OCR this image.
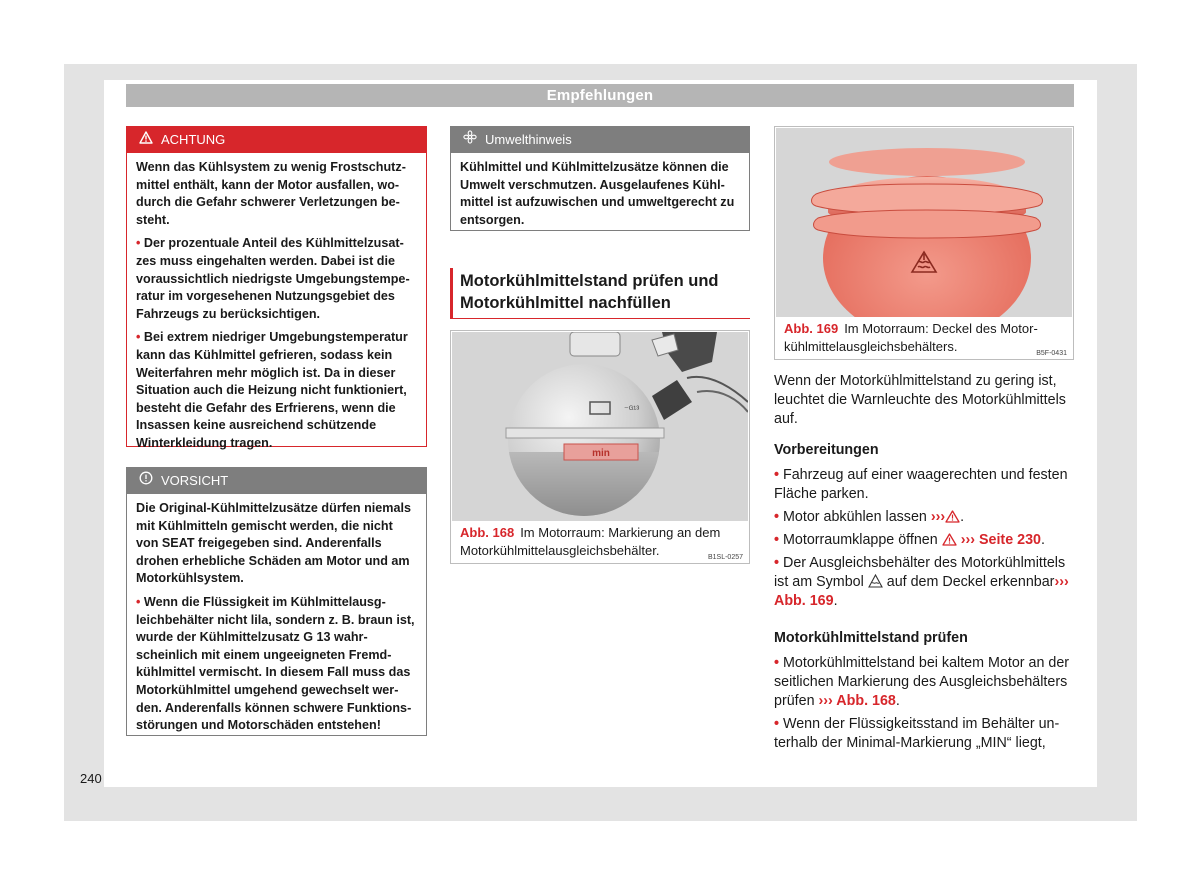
Empfehlungen
ACHTUNG

Wenn das Kühlsystem zu wenig Frostschutzmittel enthält, kann der Motor ausfallen, wodurch die Gefahr schwerer Verletzungen besteht.

• Der prozentuale Anteil des Kühlmittelzusatzes muss eingehalten werden. Dabei ist die voraussichtlich niedrigste Umgebungstemperatur im vorgesehenen Nutzungsgebiet des Fahrzeugs zu berücksichtigen.

• Bei extrem niedriger Umgebungstemperatur kann das Kühlmittel gefrieren, sodass kein Weiterfahren mehr möglich ist. Da in dieser Situation auch die Heizung nicht funktioniert, besteht die Gefahr des Erfrierens, wenn die Insassen keine ausreichend schützende Winterkleidung tragen.

VORSICHT

Die Original-Kühlmittelzusätze dürfen niemals mit Kühlmitteln gemischt werden, die nicht von SEAT freigegeben sind. Anderenfalls drohen erhebliche Schäden am Motor und am Motorkühlsystem.

• Wenn die Flüssigkeit im Kühlmittelausgleichbehälter nicht lila, sondern z. B. braun ist, wurde der Kühlmittelzusatz G 13 wahrscheinlich mit einem ungeeigneten Fremdkühlmittel vermischt. In diesem Fall muss das Motorkühlmittel umgehend gewechselt werden. Anderenfalls können schwere Funktionsstörungen und Motorschäden entstehen!

Umwelthinweis

Kühlmittel und Kühlmittelzusätze können die Umwelt verschmutzen. Ausgelaufenes Kühlmittel ist aufzuwischen und umweltgerecht zu entsorgen.

Motorkühlmittelstand prüfen und Motorkühlmittel nachfüllen
min
⁻ᴳ¹³
B1SL-0257
Abb. 168 Im Motorraum: Markierung an dem Motorkühlmittelausgleichsbehälter.
B5F-0431
Abb. 169 Im Motorraum: Deckel des Motorkühlmittelausgleichsbehälters.

Wenn der Motorkühlmittelstand zu gering ist, leuchtet die Warnleuchte des Motorkühlmittels auf.

Vorbereitungen
• Fahrzeug auf einer waagerechten und festen Fläche parken.
• Motor abkühlen lassen ››› .
• Motorraumklappe öffnen ››› Seite 230.
• Der Ausgleichsbehälter des Motorkühlmittels ist am Symbol auf dem Deckel erkennbar››› Abb. 169.
Motorkühlmittelstand prüfen
• Motorkühlmittelstand bei kaltem Motor an der seitlichen Markierung des Ausgleichsbehälters prüfen ››› Abb. 168.
• Wenn der Flüssigkeitsstand im Behälter unterhalb der Minimal-Markierung „MIN“ liegt,
240
